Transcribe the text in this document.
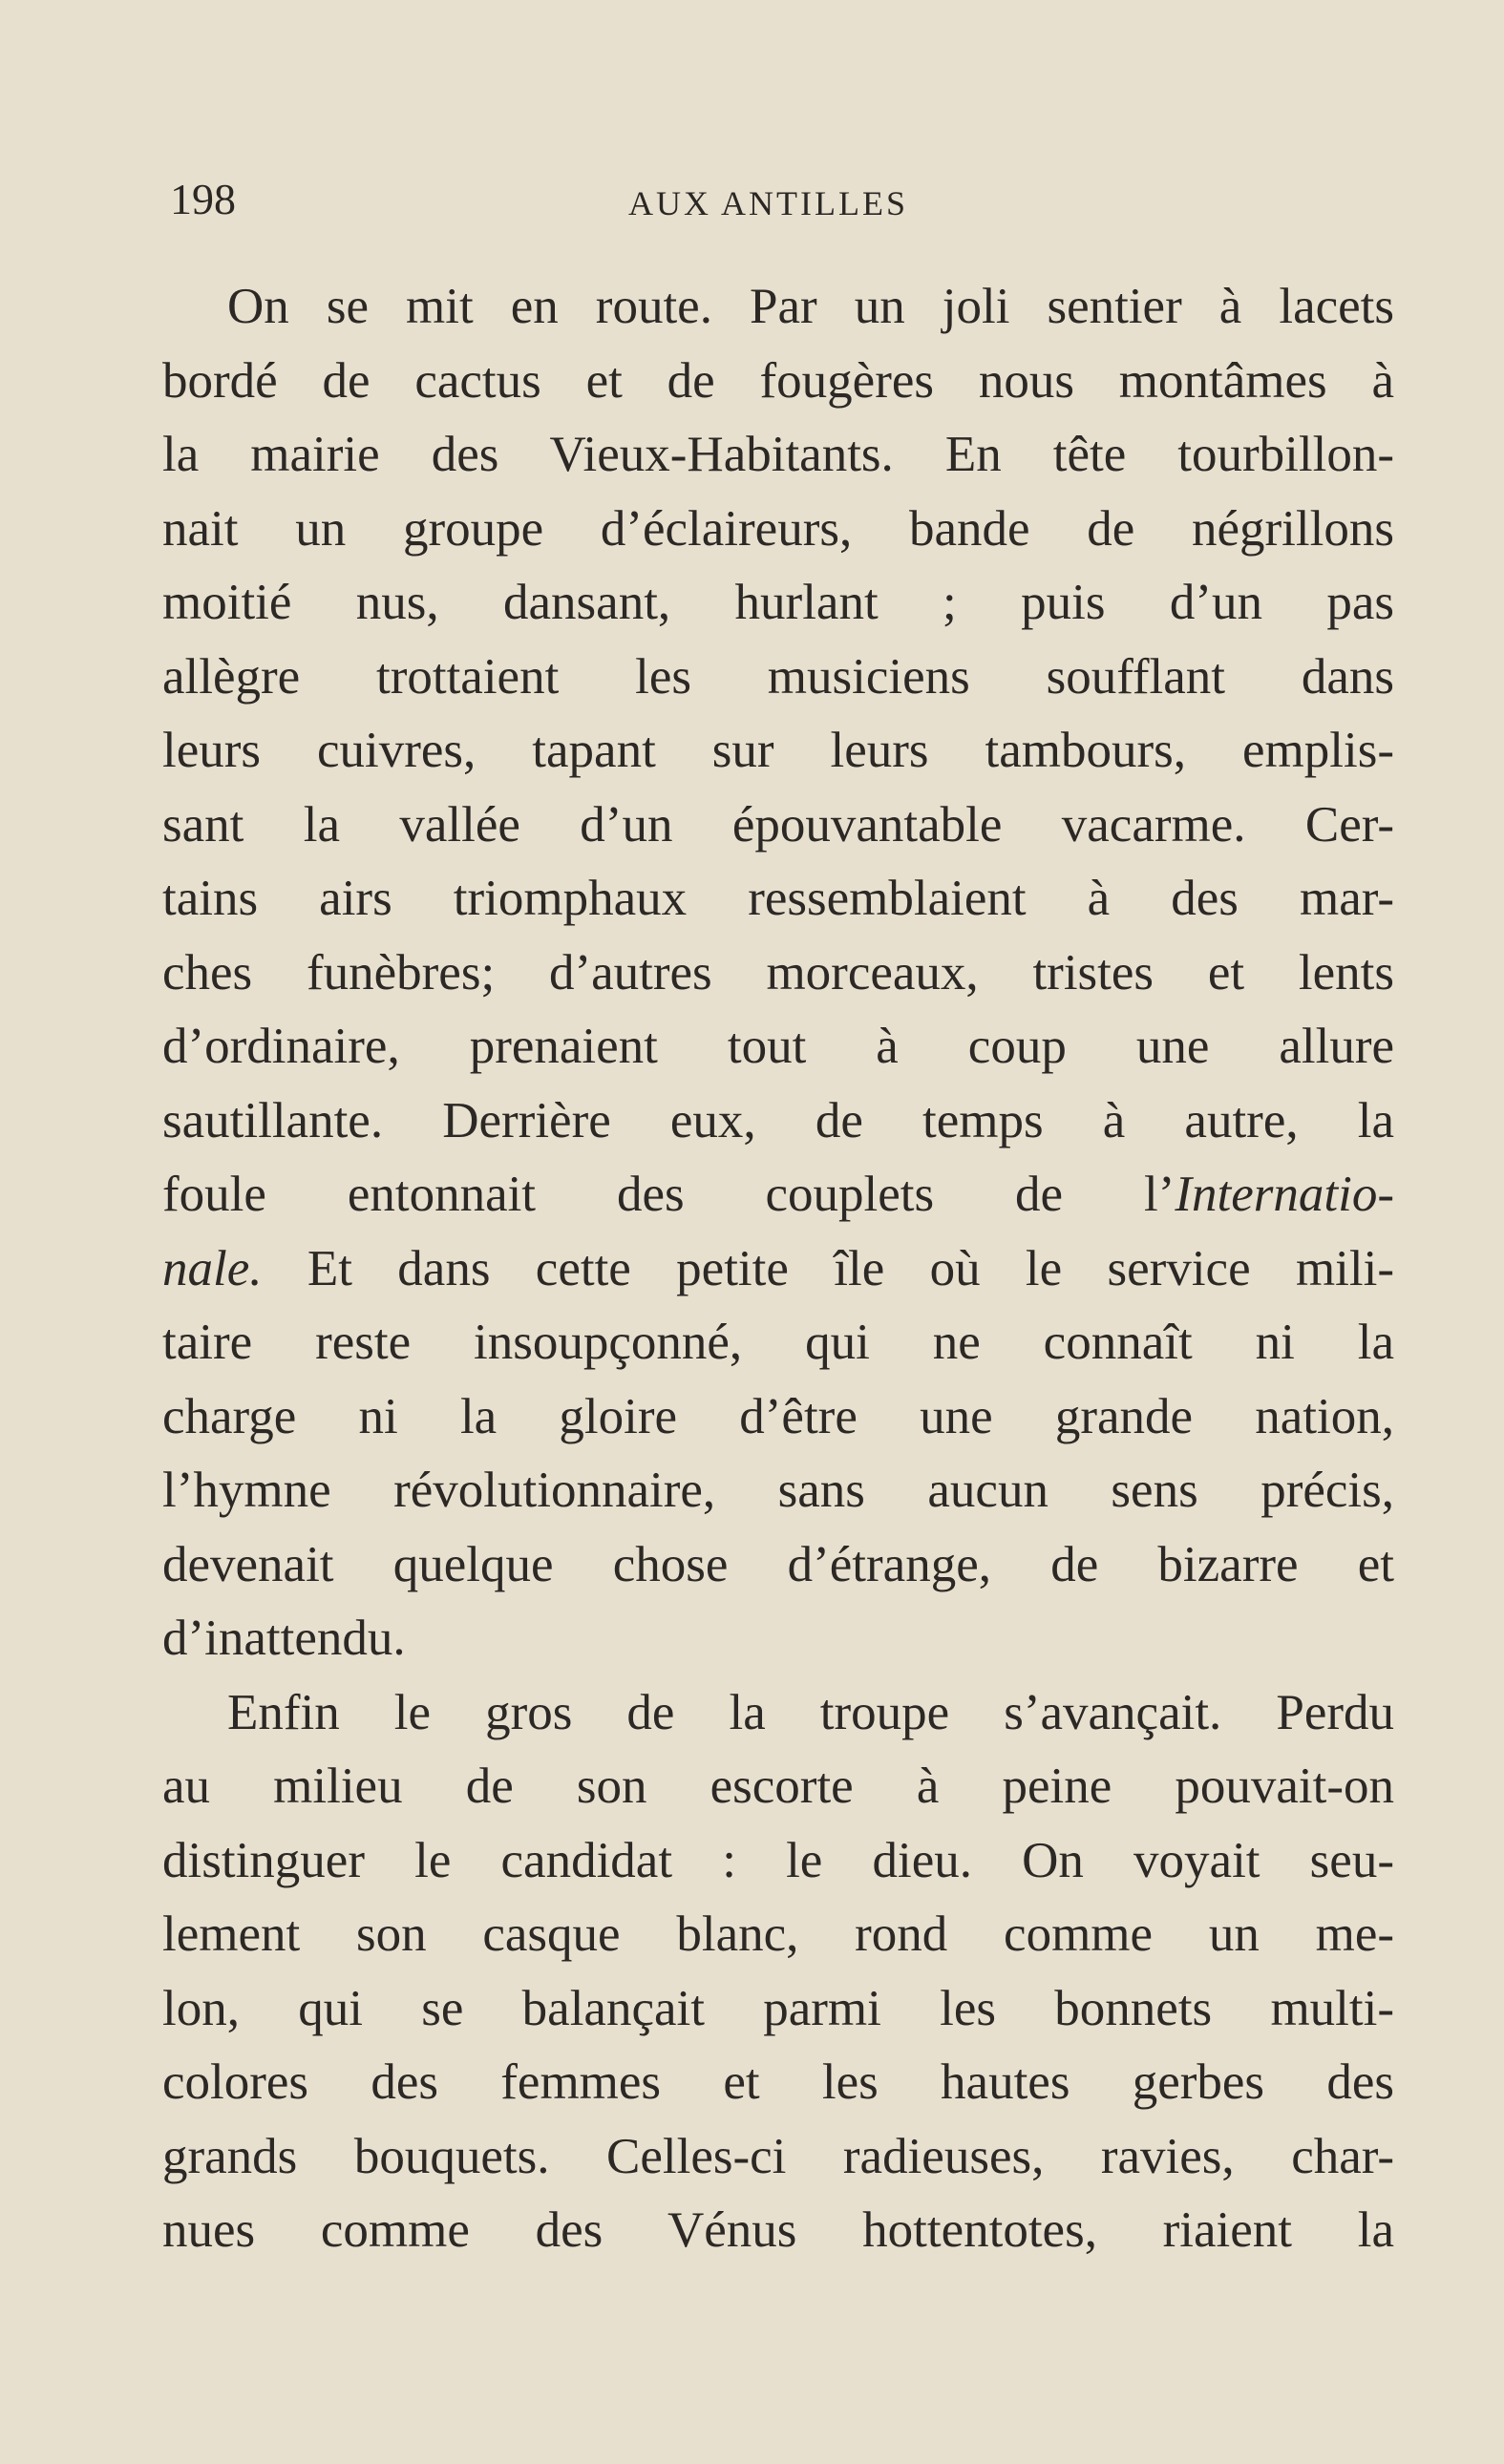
198	AUX ANTILLES
On se mit en route. Par un joli sentier à lacets
bordé de cactus et de fougères nous montâmes à
la mairie des Vieux-Habitants. En tête tourbillon-
nait un groupe d’éclaireurs, bande de négrillons
moitié nus, dansant, hurlant ; puis d’un pas
allègre trottaient les musiciens soufflant dans
leurs cuivres, tapant sur leurs tambours, emplis-
sant la vallée d’un épouvantable vacarme. Cer-
tains airs triomphaux ressemblaient à des mar-
ches funèbres; d’autres morceaux, tristes et lents
d’ordinaire, prenaient tout à coup une allure
sautillante. Derrière eux, de temps à autre, la
foule entonnait des couplets de l’Internatio-
nale. Et dans cette petite île où le service mili-
taire reste insoupçonné, qui ne connaît ni la
charge ni la gloire d’être une grande nation,
l’hymne révolutionnaire, sans aucun sens précis,
devenait quelque chose d’étrange, de bizarre et
d’inattendu.
Enfin le gros de la troupe s’avançait. Perdu
au milieu de son escorte à peine pouvait-on
distinguer le candidat : le dieu. On voyait seu-
lement son casque blanc, rond comme un me-
lon, qui se balançait parmi les bonnets multi-
colores des femmes et les hautes gerbes des
grands bouquets. Celles-ci radieuses, ravies, char-
nues comme des Vénus hottentotes, riaient la
